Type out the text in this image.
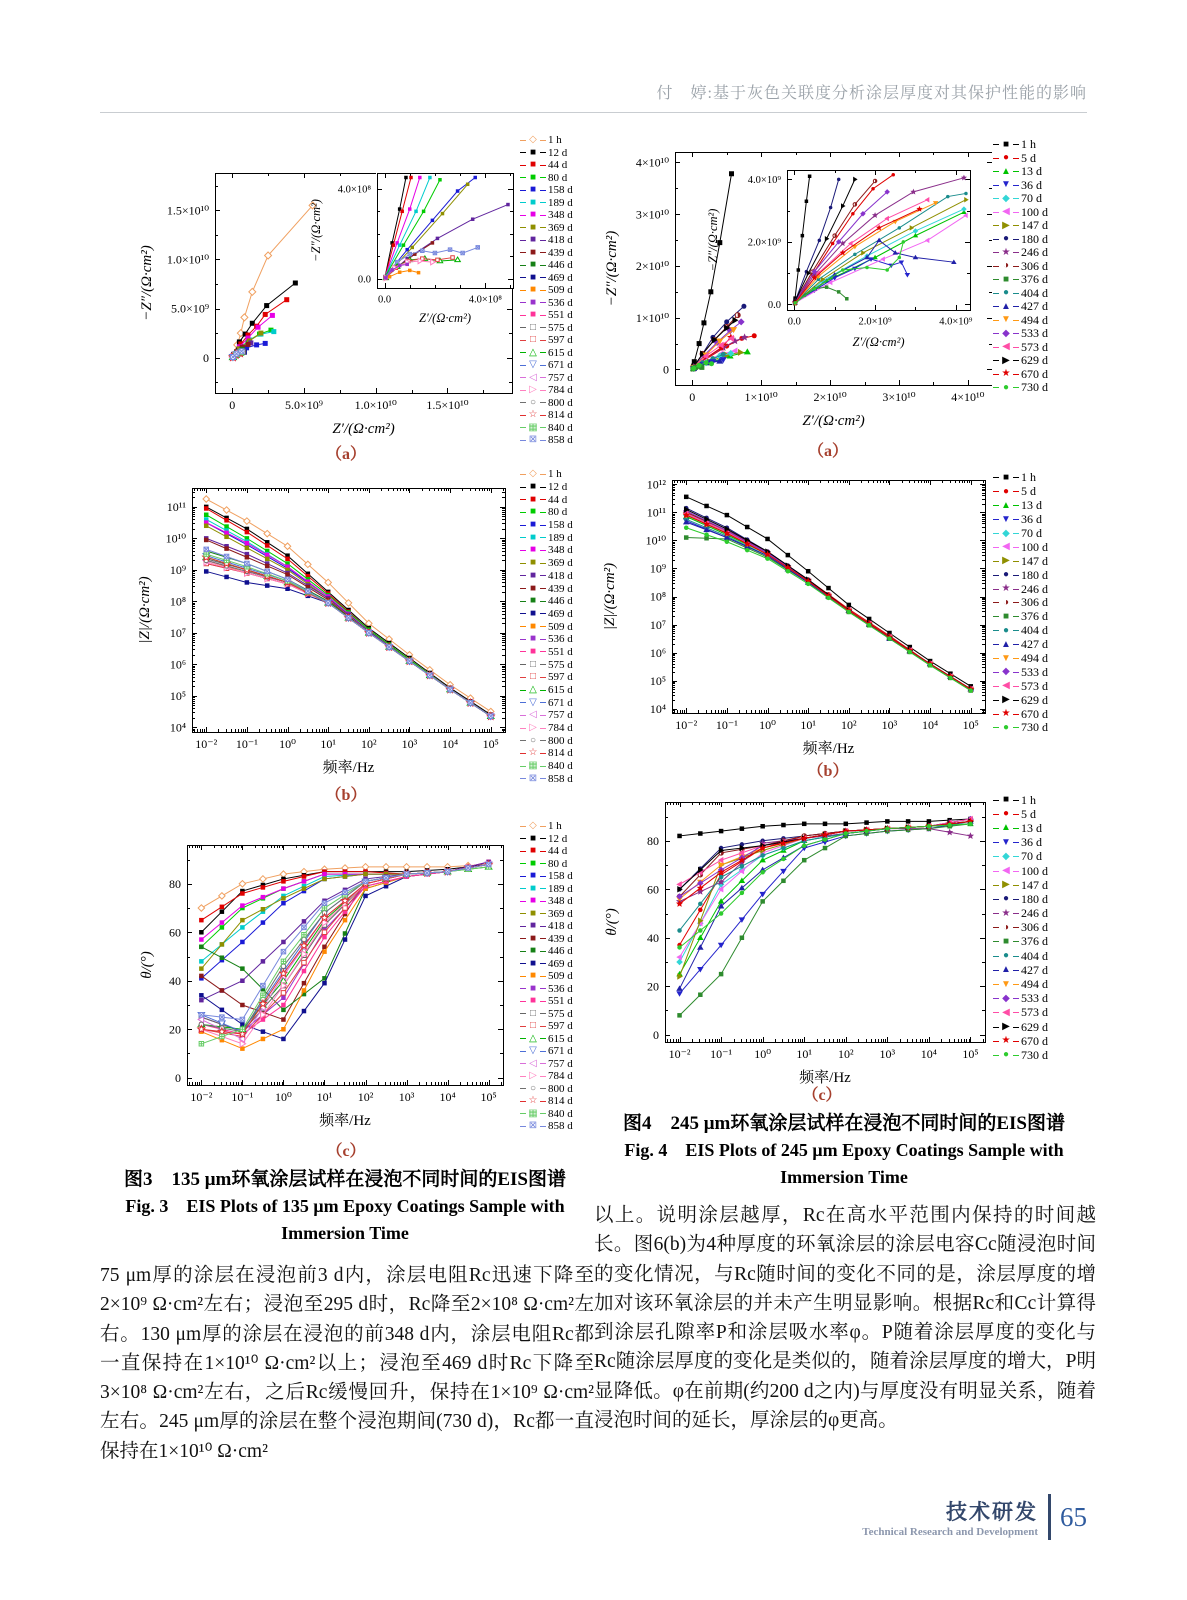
付　婷:基于灰色关联度分析涂层厚度对其保护性能的影响
◇ 1 h
■	12 d
■	44 d
■	80 d
■	158 d
■	189 d
■	348 d
■	369 d
■	418 d
■	439 d
■	446 d
■	469 d
■	509 d
■	536 d
■	551 d
□	575 d
□	597 d
△ 615 d
▽ 671 d
◁ 757 d
▷ 784 d
○	800 d
☆ 814 d
▦ 840 d
⊠ 858 d
◇ 1 h
■	12 d
■	44 d
■	80 d
■	158 d
■	189 d
■	348 d
■	369 d
■	418 d
■	439 d
■	446 d
■	469 d
■	509 d
■	536 d
■	551 d
□	575 d
□	597 d
△ 615 d
▽ 671 d
◁ 757 d
▷ 784 d
○	800 d
☆ 814 d
▦ 840 d
⊠ 858 d
◇ 1 h
■	12 d
■	44 d
■	80 d
■	158 d
■	189 d
■	348 d
■	369 d
■	418 d
■	439 d
■	446 d
■	469 d
■	509 d
■	536 d
■	551 d
□	575 d
□	597 d
△ 615 d
▽ 671 d
◁ 757 d
▷ 784 d
○	800 d
☆ 814 d
▦ 840 d
⊠ 858 d
■ 1 h
● 5 d
▲ 13 d
▼ 36 d
◆ 70 d
◀ 100 d
▶ 147 d
● 180 d
★ 246 d
◑ 306 d
■ 376 d
● 404 d
▲ 427 d
▼ 494 d
◆ 533 d
◀ 573 d
▶ 629 d
★ 670 d
● 730 d
■ 1 h
● 5 d
▲ 13 d
▼ 36 d
◆ 70 d
◀ 100 d
▶ 147 d
● 180 d
★ 246 d
◑ 306 d
■ 376 d
● 404 d
▲ 427 d
▼ 494 d
◆ 533 d
◀ 573 d
▶ 629 d
★ 670 d
● 730 d
■ 1 h
● 5 d
▲ 13 d
▼ 36 d
◆ 70 d
◀ 100 d
▶ 147 d
● 180 d
★ 246 d
◑ 306 d
■ 376 d
● 404 d
▲ 427 d
▼ 494 d
◆ 533 d
◀ 573 d
▶ 629 d
★ 670 d
● 730 d
（a）
（b）
（c）
（a）
（b）
（c）
图3　135 μm环氧涂层试样在浸泡不同时间的EIS图谱
Fig. 3　EIS Plots of 135 μm Epoxy Coatings Sample with
Immersion Time
图4　245 μm环氧涂层试样在浸泡不同时间的EIS图谱
Fig. 4　EIS Plots of 245 μm Epoxy Coatings Sample with
Immersion Time
75 μm厚的涂层在浸泡前3 d内，涂层电阻Rc迅速下降至2×10⁹ Ω·cm²左右；浸泡至295 d时，Rc降至2×10⁸ Ω·cm²左右。130 μm厚的涂层在浸泡的前348 d内，涂层电阻Rc都一直保持在1×10¹⁰ Ω·cm²以上；浸泡至469 d时Rc下降至3×10⁸ Ω·cm²左右，之后Rc缓慢回升，保持在1×10⁹ Ω·cm²左右。245 μm厚的涂层在整个浸泡期间(730 d)，Rc都一直保持在1×10¹⁰ Ω·cm²
以上。说明涂层越厚，Rc在高水平范围内保持的时间越长。图6(b)为4种厚度的环氧涂层的涂层电容Cc随浸泡时间的变化情况，与Rc随时间的变化不同的是，涂层厚度的增加对该环氧涂层的并未产生明显影响。根据Rc和Cc计算得到涂层孔隙率P和涂层吸水率φ。P随着涂层厚度的变化与Rc随涂层厚度的变化是类似的，随着涂层厚度的增大，P明显降低。φ在前期(约200 d之内)与厚度没有明显关系，随着浸泡时间的延长，厚涂层的φ更高。
技术研发
Technical Research and Development
65
